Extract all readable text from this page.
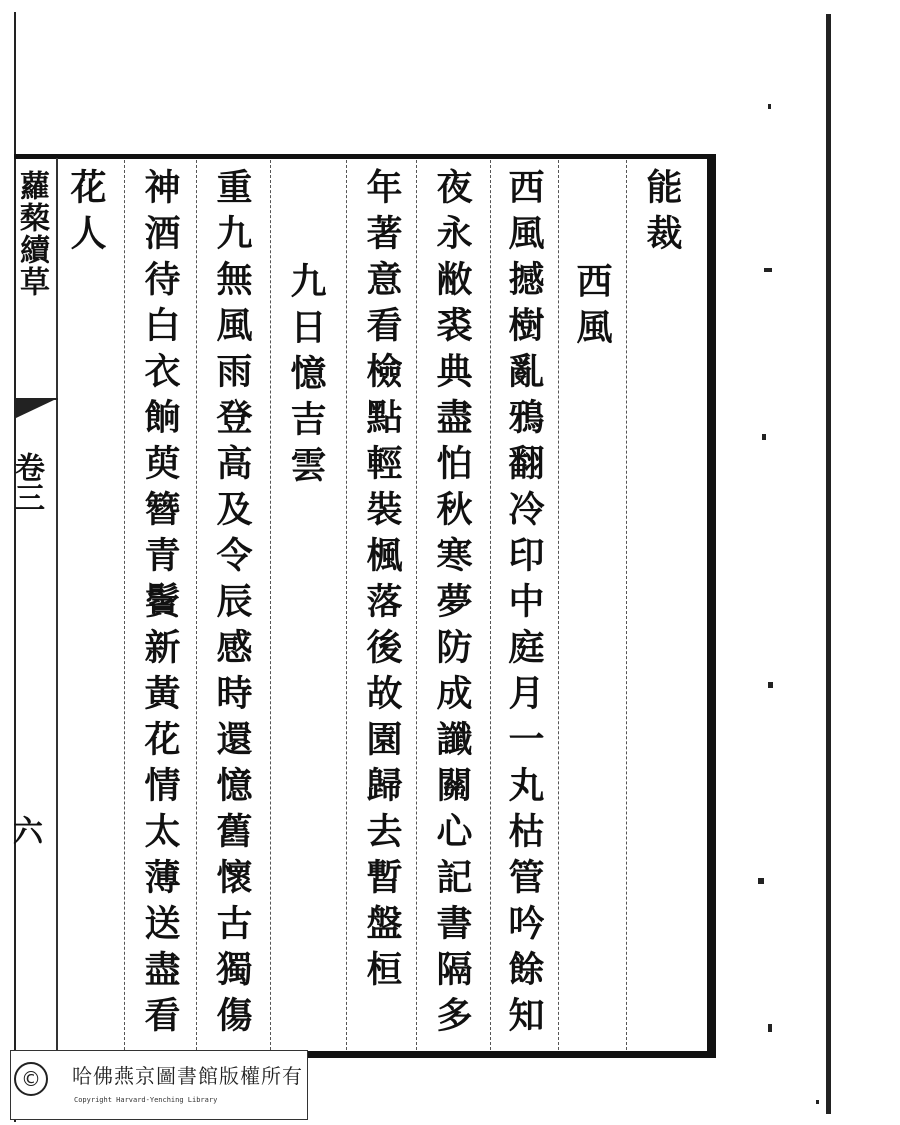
蘿蔾續草
卷三
六
能裁
西風
西風撼樹亂鴉翻冷印中庭月一丸枯管吟餘知
夜永敝裘典盡怕秋寒夢防成讖關心記書隔多
年著意看檢點輕裝楓落後故園歸去暫盤桓
九日憶吉雲
重九無風雨登高及令辰感時還憶舊懷古獨傷
神酒待白衣餉萸簪青鬢新黃花情太薄送盡看
花人
©	哈佛燕京圖書館版權所有
Copyright Harvard-Yenching Library
